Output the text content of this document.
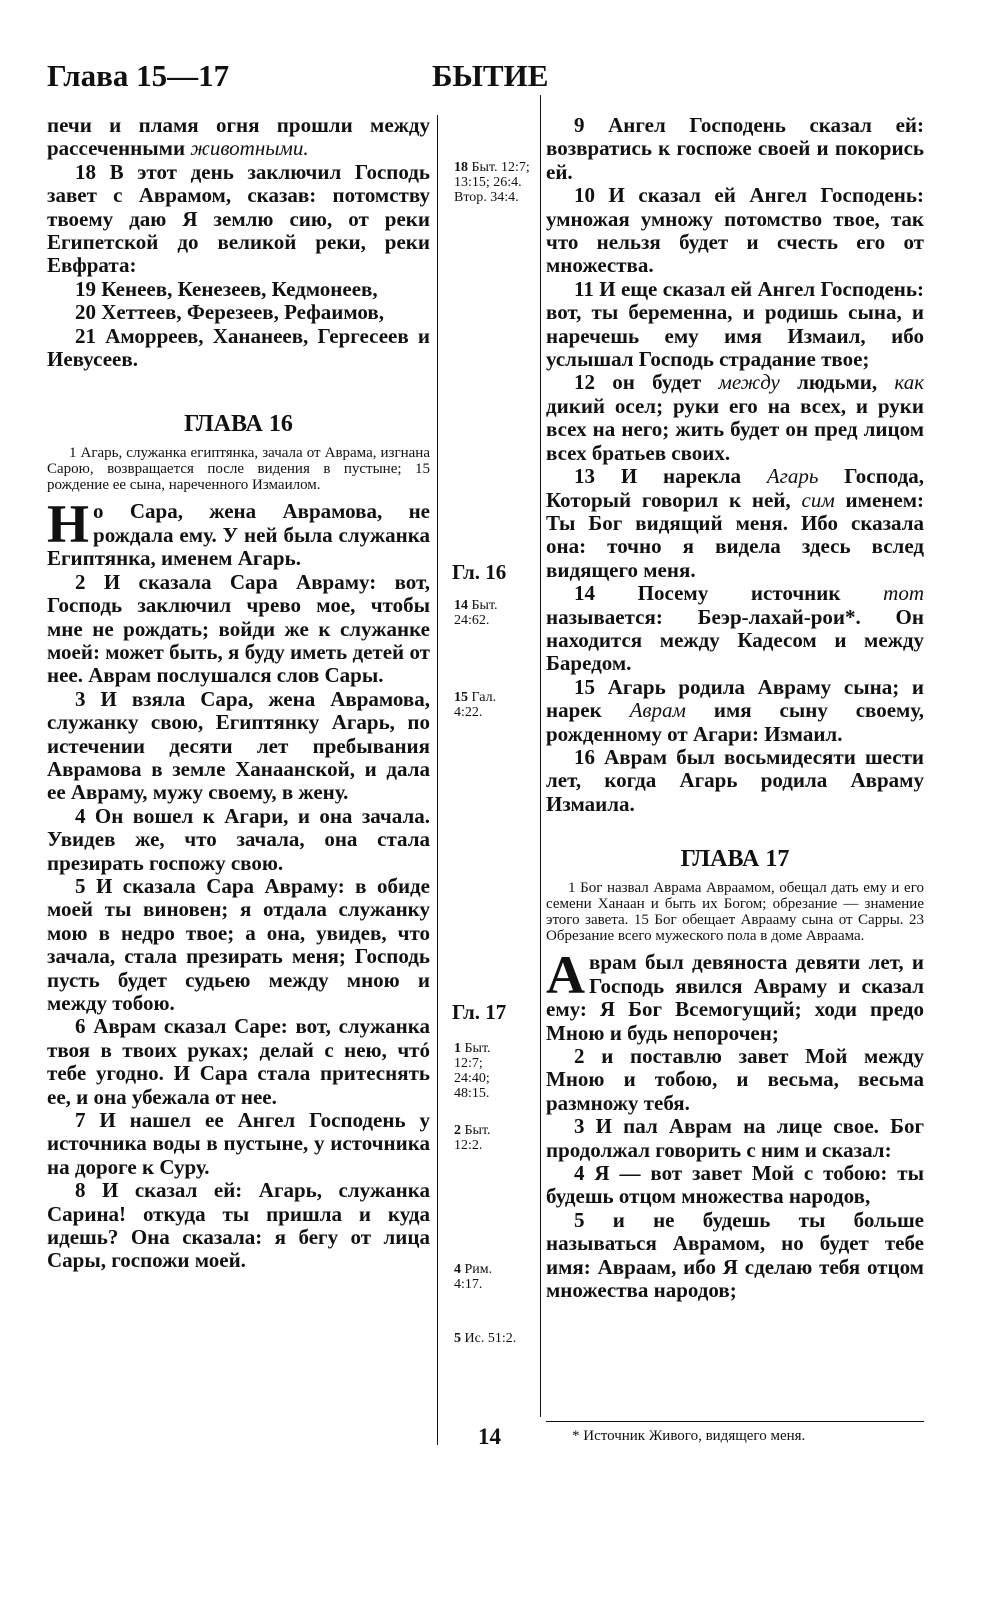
Глава 15—17	БЫТИЕ

печи и пламя огня прошли между рассеченными животными.

18 В этот день заключил Господь завет с Аврамом, сказав: потомству твоему даю Я землю сию, от реки Египетской до великой реки, реки Евфрата:

19 Кенеев, Кенезеев, Кедмонеев,

20 Хеттеев, Ферезеев, Рефаимов,

21 Аморреев, Хананеев, Гергесеев и Иевусеев.

ГЛАВА 16

1 Агарь, служанка египтянка, зачала от Аврама, изгнана Сарою, возвращается после видения в пустыне; 15 рождение ее сына, нареченного Измаилом.

Но Сара, жена Аврамова, не рождала ему. У ней была служанка Египтянка, именем Агарь.

2 И сказала Сара Авраму: вот, Господь заключил чрево мое, чтобы мне не рождать; войди же к служанке моей: может быть, я буду иметь детей от нее. Аврам послушался слов Сары.

3 И взяла Сара, жена Аврамова, служанку свою, Египтянку Агарь, по истечении десяти лет пребывания Аврамова в земле Ханаанской, и дала ее Авраму, мужу своему, в жену.

4 Он вошел к Агари, и она зачала. Увидев же, что зачала, она стала презирать госпожу свою.

5 И сказала Сара Авраму: в обиде моей ты виновен; я отдала служанку мою в недро твое; а она, увидев, что зачала, стала презирать меня; Господь пусть будет судьею между мною и между тобою.

6 Аврам сказал Саре: вот, служанка твоя в твоих руках; делай с нею, чтó тебе угодно. И Сара стала притеснять ее, и она убежала от нее.

7 И нашел ее Ангел Господень у источника воды в пустыне, у источника на дороге к Суру.

8 И сказал ей: Агарь, служанка Сарина! откуда ты пришла и куда идешь? Она сказала: я бегу от лица Сары, госпожи моей.

18 Быт. 12:7; 13:15; 26:4. Втор. 34:4.
Гл. 16
14 Быт. 24:62.
15 Гал. 4:22.
Гл. 17
1 Быт. 12:7; 24:40; 48:15.
2 Быт. 12:2.
4 Рим. 4:17.
5 Ис. 51:2.

9 Ангел Господень сказал ей: возвратись к госпоже своей и покорись ей.

10 И сказал ей Ангел Господень: умножая умножу потомство твое, так что нельзя будет и счесть его от множества.

11 И еще сказал ей Ангел Господень: вот, ты беременна, и родишь сына, и наречешь ему имя Измаил, ибо услышал Господь страдание твое;

12 он будет между людьми, как дикий осел; руки его на всех, и руки всех на него; жить будет он пред лицом всех братьев своих.

13 И нарекла Агарь Господа, Который говорил к ней, сим именем: Ты Бог видящий меня. Ибо сказала она: точно я видела здесь вслед видящего меня.

14 Посему источник тот называется: Беэр-лахай-рои*. Он находится между Кадесом и между Баредом.

15 Агарь родила Авраму сына; и нарек Аврам имя сыну своему, рожденному от Агари: Измаил.

16 Аврам был восьмидесяти шести лет, когда Агарь родила Авраму Измаила.

ГЛАВА 17

1 Бог назвал Аврама Авраамом, обещал дать ему и его семени Ханаан и быть их Богом; обрезание — знамение этого завета. 15 Бог обещает Аврааму сына от Сарры. 23 Обрезание всего мужеского пола в доме Авраама.

Аврам был девяноста девяти лет, и Господь явился Авраму и сказал ему: Я Бог Всемогущий; ходи предо Мною и будь непорочен;

2 и поставлю завет Мой между Мною и тобою, и весьма, весьма размножу тебя.

3 И пал Аврам на лице свое. Бог продолжал говорить с ним и сказал:

4 Я — вот завет Мой с тобою: ты будешь отцом множества народов,

5 и не будешь ты больше называться Аврамом, но будет тебе имя: Авраам, ибо Я сделаю тебя отцом множества народов;

* Источник Живого, видящего меня.
14
